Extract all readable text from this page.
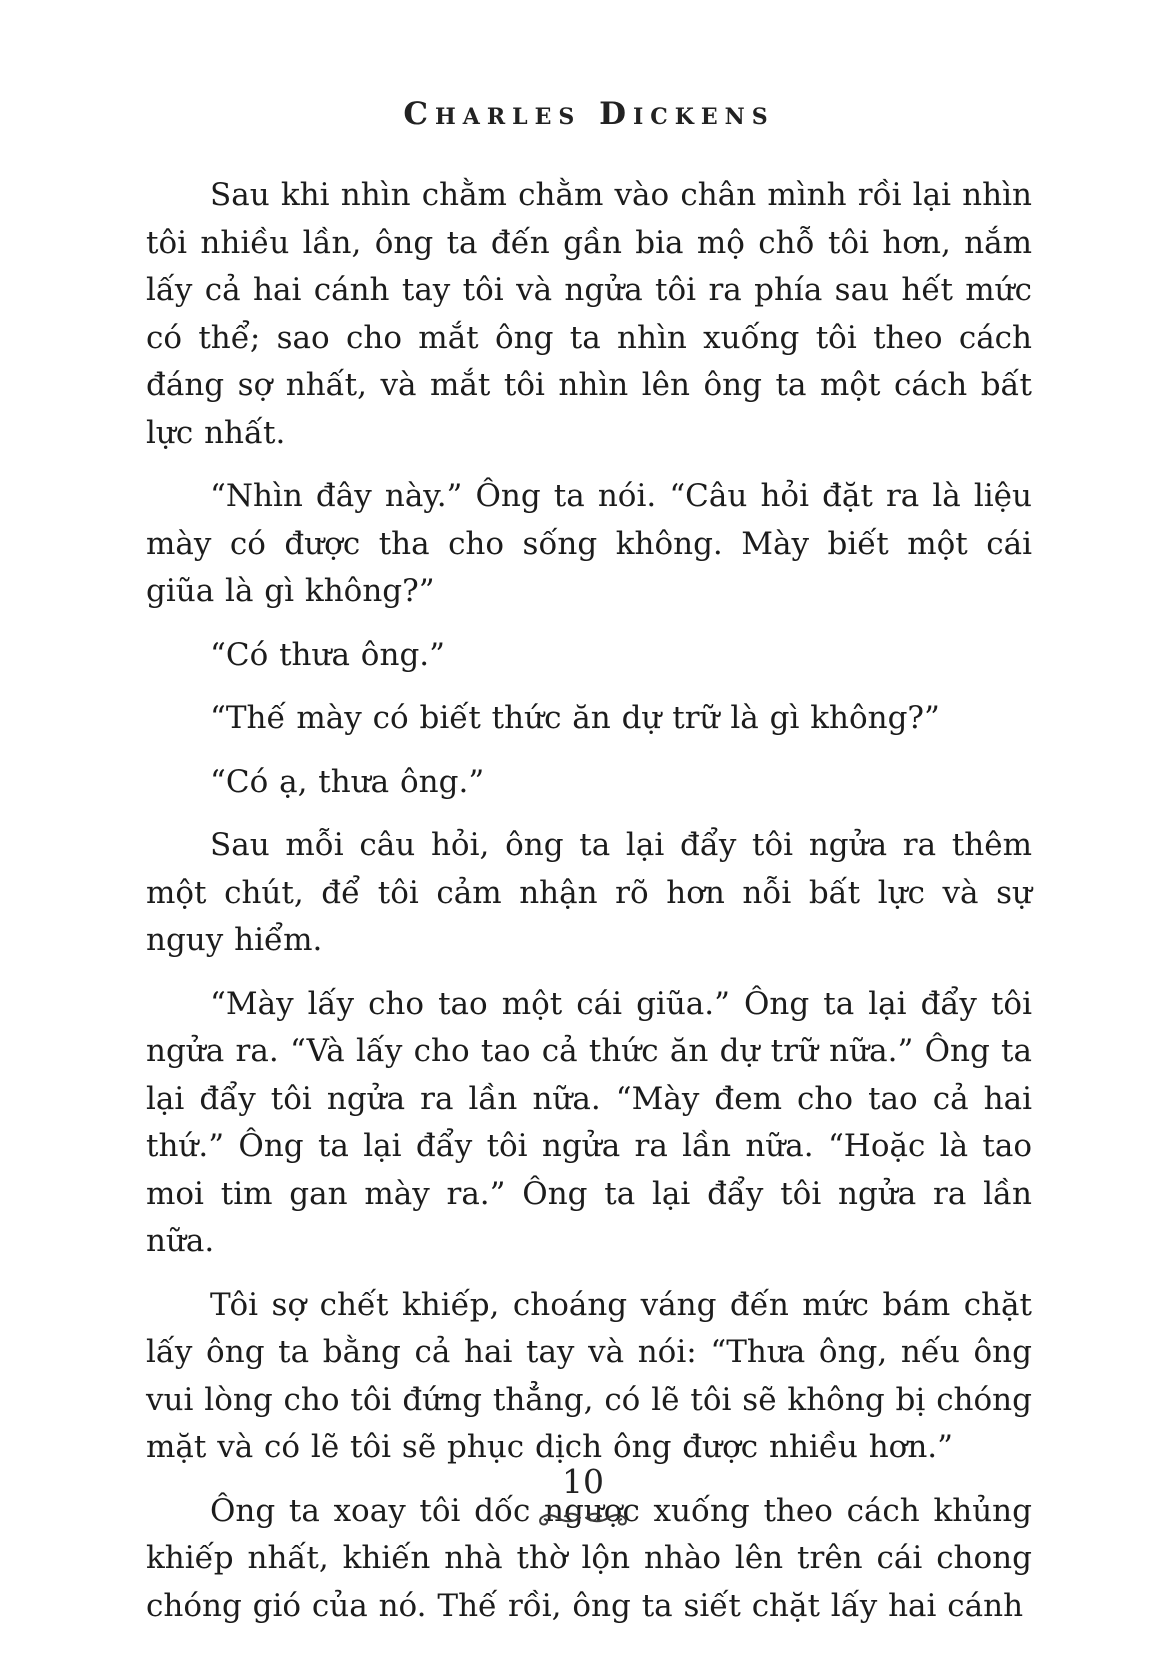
Charles Dickens

Sau khi nhìn chằm chằm vào chân mình rồi lại nhìn tôi nhiều lần, ông ta đến gần bia mộ chỗ tôi hơn, nắm lấy cả hai cánh tay tôi và ngửa tôi ra phía sau hết mức có thể; sao cho mắt ông ta nhìn xuống tôi theo cách đáng sợ nhất, và mắt tôi nhìn lên ông ta một cách bất lực nhất.

“Nhìn đây này.” Ông ta nói. “Câu hỏi đặt ra là liệu mày có được tha cho sống không. Mày biết một cái giũa là gì không?”

“Có thưa ông.”

“Thế mày có biết thức ăn dự trữ là gì không?”

“Có ạ, thưa ông.”

Sau mỗi câu hỏi, ông ta lại đẩy tôi ngửa ra thêm một chút, để tôi cảm nhận rõ hơn nỗi bất lực và sự nguy hiểm.

“Mày lấy cho tao một cái giũa.” Ông ta lại đẩy tôi ngửa ra. “Và lấy cho tao cả thức ăn dự trữ nữa.” Ông ta lại đẩy tôi ngửa ra lần nữa. “Mày đem cho tao cả hai thứ.” Ông ta lại đẩy tôi ngửa ra lần nữa. “Hoặc là tao moi tim gan mày ra.” Ông ta lại đẩy tôi ngửa ra lần nữa.

Tôi sợ chết khiếp, choáng váng đến mức bám chặt lấy ông ta bằng cả hai tay và nói: “Thưa ông, nếu ông vui lòng cho tôi đứng thẳng, có lẽ tôi sẽ không bị chóng mặt và có lẽ tôi sẽ phục dịch ông được nhiều hơn.”

Ông ta xoay tôi dốc ngược xuống theo cách khủng khiếp nhất, khiến nhà thờ lộn nhào lên trên cái chong chóng gió của nó. Thế rồi, ông ta siết chặt lấy hai cánh

10
